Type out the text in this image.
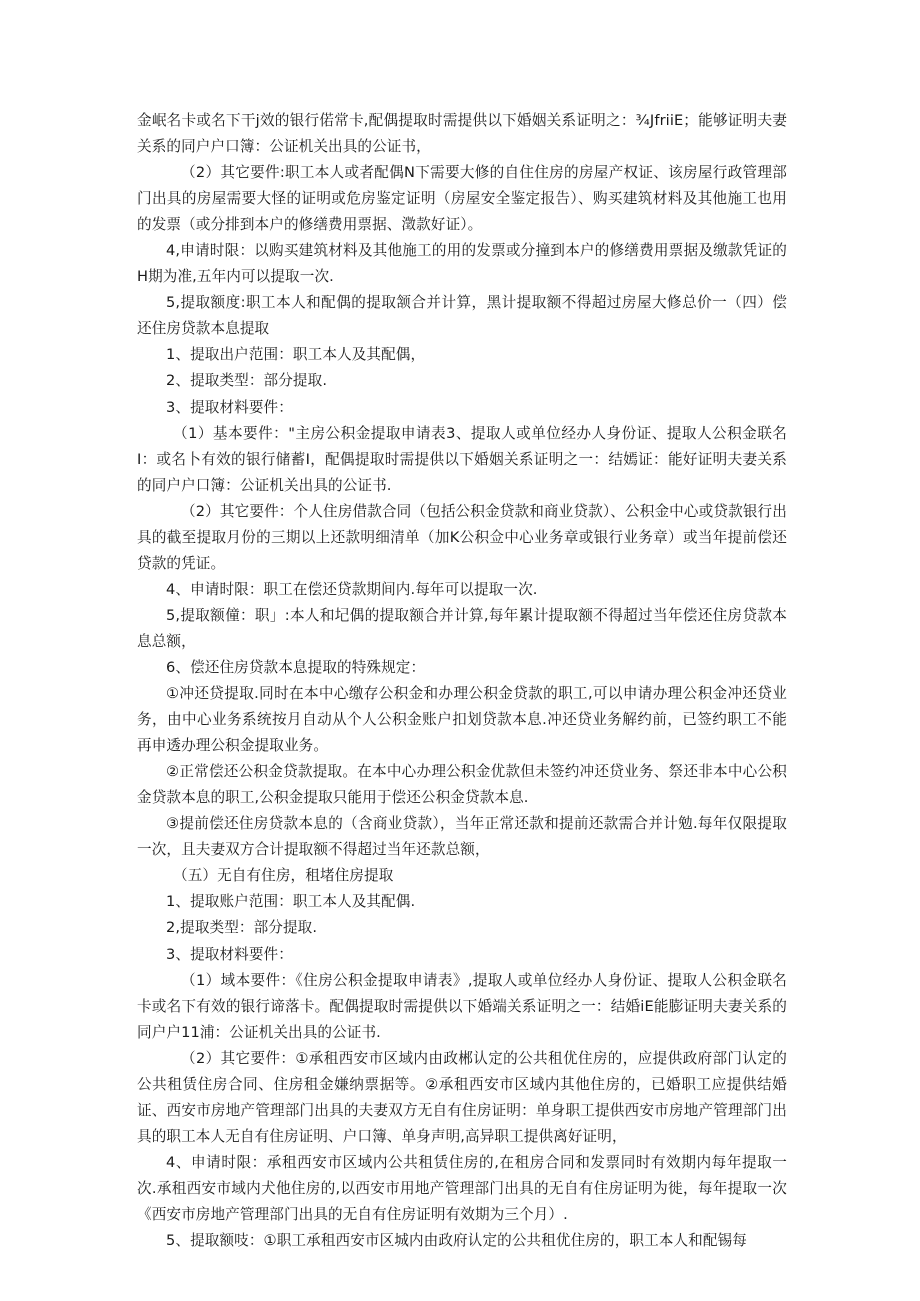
金岷名卡或名下干j效的银行偌常卡,配偶提取时需提供以下婚姻关系证明之：¾JfriiE；能够证明夫妻关系的同户户口簿：公证机关出具的公证书，

（2）其它要件:职工本人或者配偶N下需要大修的自住住房的房屋产权证、该房屋行政管理部门出具的房屋需要大怪的证明或危房鉴定证明（房屋安全鉴定报告）、购买建筑材料及其他施工也用的发票（或分排到本户的修缮费用票据、澂款好证）。

4,申请时限：以购买建筑材料及其他施工的用的发票或分撞到本户的修缮费用票据及缴款凭证的H期为准,五年内可以提取一次.

5,提取额度:职工本人和配偶的提取颔合并计算，黑计提取额不得超过房屋大修总价一（四）偿还住房贷款本息提取

1、提取出户范围：职工本人及其配偶，

2、提取类型：部分提取.

3、提取材料要件：

（1）基本要件："主房公积金提取申请表3、提取人或单位经办人身份证、提取人公积金联名I：或名卜有效的银行储蓄I，配偶提取时需提供以下婚姻关系证明之一：结嫣证：能好证明夫妻关系的同户户口簿：公证机关出具的公证书.

（2）其它要件：个人住房借款合同（包括公积金贷款和商业贷款）、公积金中心或贷款银行出具的截至提取月份的三期以上还款明细清单（加K公积佥中心业务章或银行业务章）或当年提前偿还贷款的凭证。

4、申请时限：职工在偿还贷款期间内.每年可以提取一次.

5,提取额僮：职」:本人和圮偶的提取额合并计算,每年累计提取额不得超过当年偿还住房贷款本息总额，

6、偿还住房贷款本息提取的特殊规定：

①冲还贷提取.同时在本中心缴存公积金和办理公积金贷款的职工,可以申请办理公积金冲还贷业务，由中心业务系统按月自动从个人公积金账户扣划贷款本息.冲还贷业务解约前，已签约职工不能再申透办理公积金提取业务。

②正常偿还公积金贷款提取。在本中心办理公积金优款但未签约冲还贷业务、祭还非本中心公积金贷款本息的职工,公积金提取只能用于偿还公积金贷款本息.

③提前偿还住房贷款本息的（含商业贷款），当年正常还款和提前还款需合并计勉.每年仅限提取一次，且夫妻双方合计提取额不得超过当年还款总额，

（五）无自有住房，租堵住房提取

1、提取账户范围：职工本人及其配偶.

2,提取类型：部分提取.

3、提取材料要件：

（1）域本要件：《住房公积金提取申请表》,提取人或单位经办人身份证、提取人公积金联名卡或名下有效的银行谛落卡。配偶提取时需提供以下婚端关系证明之一：结婚iE能膨证明夫妻关系的同户户11浦：公证机关出具的公证书.

（2）其它要件：①承租西安市区域内由政郴认定的公共租优住房的，应提供政府部门认定的公共租赁住房合同、住房租金嫌纳票据等。②承租西安市区域内其他住房的，已婚职工应提供结婚证、西安市房地产管理部门出具的夫妻双方无自有住房证明：单身职工提供西安市房地产管理部门出具的职工本人无自有住房证明、户口簿、单身声明,高异职工提供离好证明，

4、申请时限：承租西安市区域内公共租赁住房的,在租房合同和发票同时有效期内每年提取一次.承租西安市域内犬他住房的,以西安市用地产管理部门出具的无自有住房证明为徙，每年提取一次《西安市房地产管理部门出具的无自有住房证明有效期为三个月）.

5、提取额吱：①职工承租西安市区城内由政府认定的公共租优住房的，职工本人和配锡每
